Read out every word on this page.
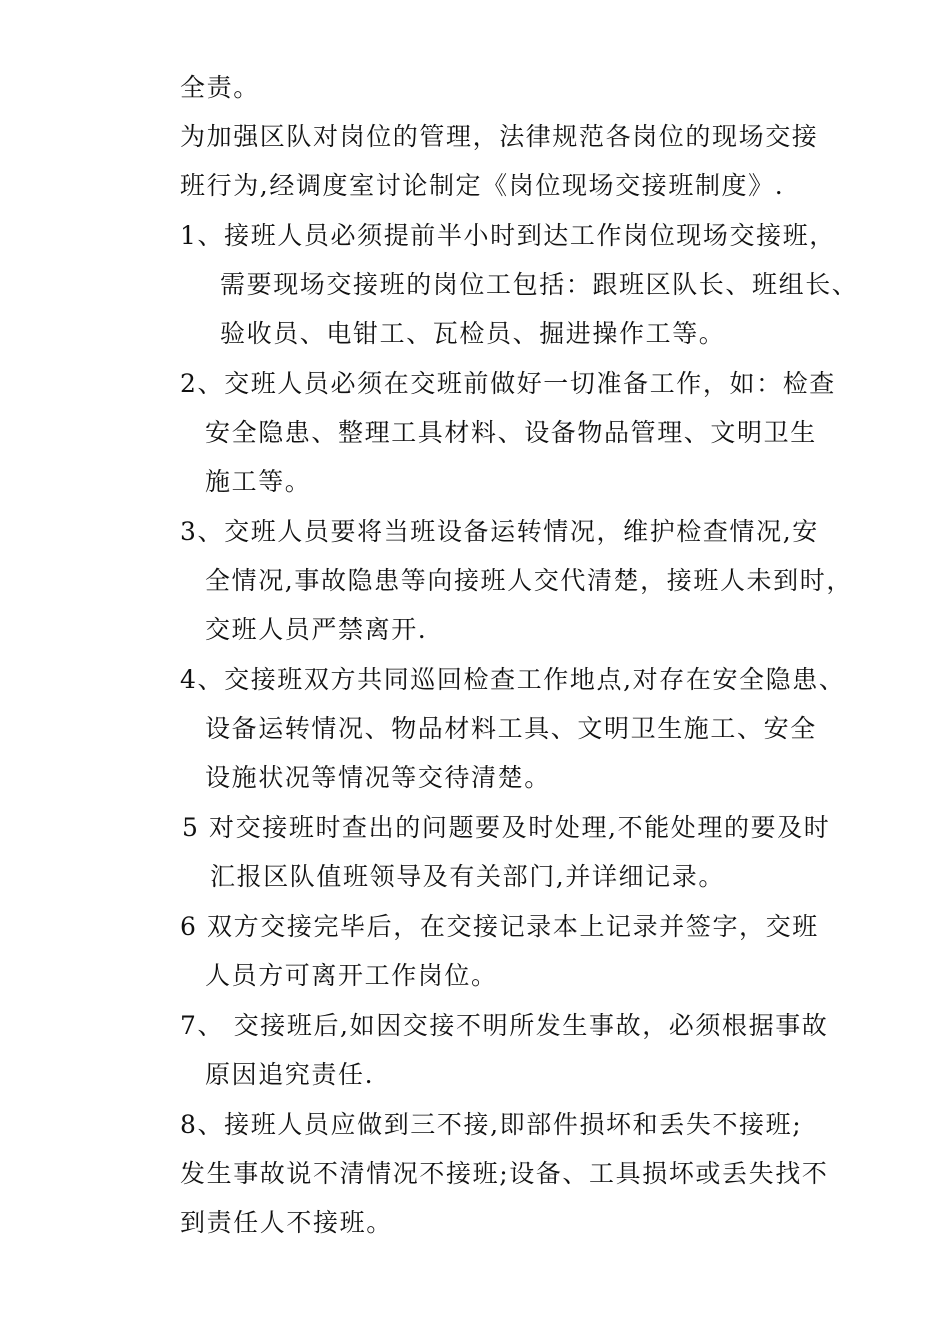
全责。
为加强区队对岗位的管理，法律规范各岗位的现场交接
班行为,经调度室讨论制定《岗位现场交接班制度》.
1、接班人员必须提前半小时到达工作岗位现场交接班，
需要现场交接班的岗位工包括：跟班区队长、班组长、
验收员、电钳工、瓦检员、掘进操作工等。
2、交班人员必须在交班前做好一切准备工作，如：检查
安全隐患、整理工具材料、设备物品管理、文明卫生
施工等。
3、交班人员要将当班设备运转情况，维护检查情况,安
全情况,事故隐患等向接班人交代清楚，接班人未到时，
交班人员严禁离开.
4、交接班双方共同巡回检查工作地点,对存在安全隐患、
设备运转情况、物品材料工具、文明卫生施工、安全
设施状况等情况等交待清楚。
5 对交接班时查出的问题要及时处理,不能处理的要及时
汇报区队值班领导及有关部门,并详细记录。
6 双方交接完毕后，在交接记录本上记录并签字，交班
人员方可离开工作岗位。
7、 交接班后,如因交接不明所发生事故，必须根据事故
原因追究责任.
8、接班人员应做到三不接,即部件损坏和丢失不接班;
发生事故说不清情况不接班;设备、工具损坏或丢失找不
到责任人不接班。
